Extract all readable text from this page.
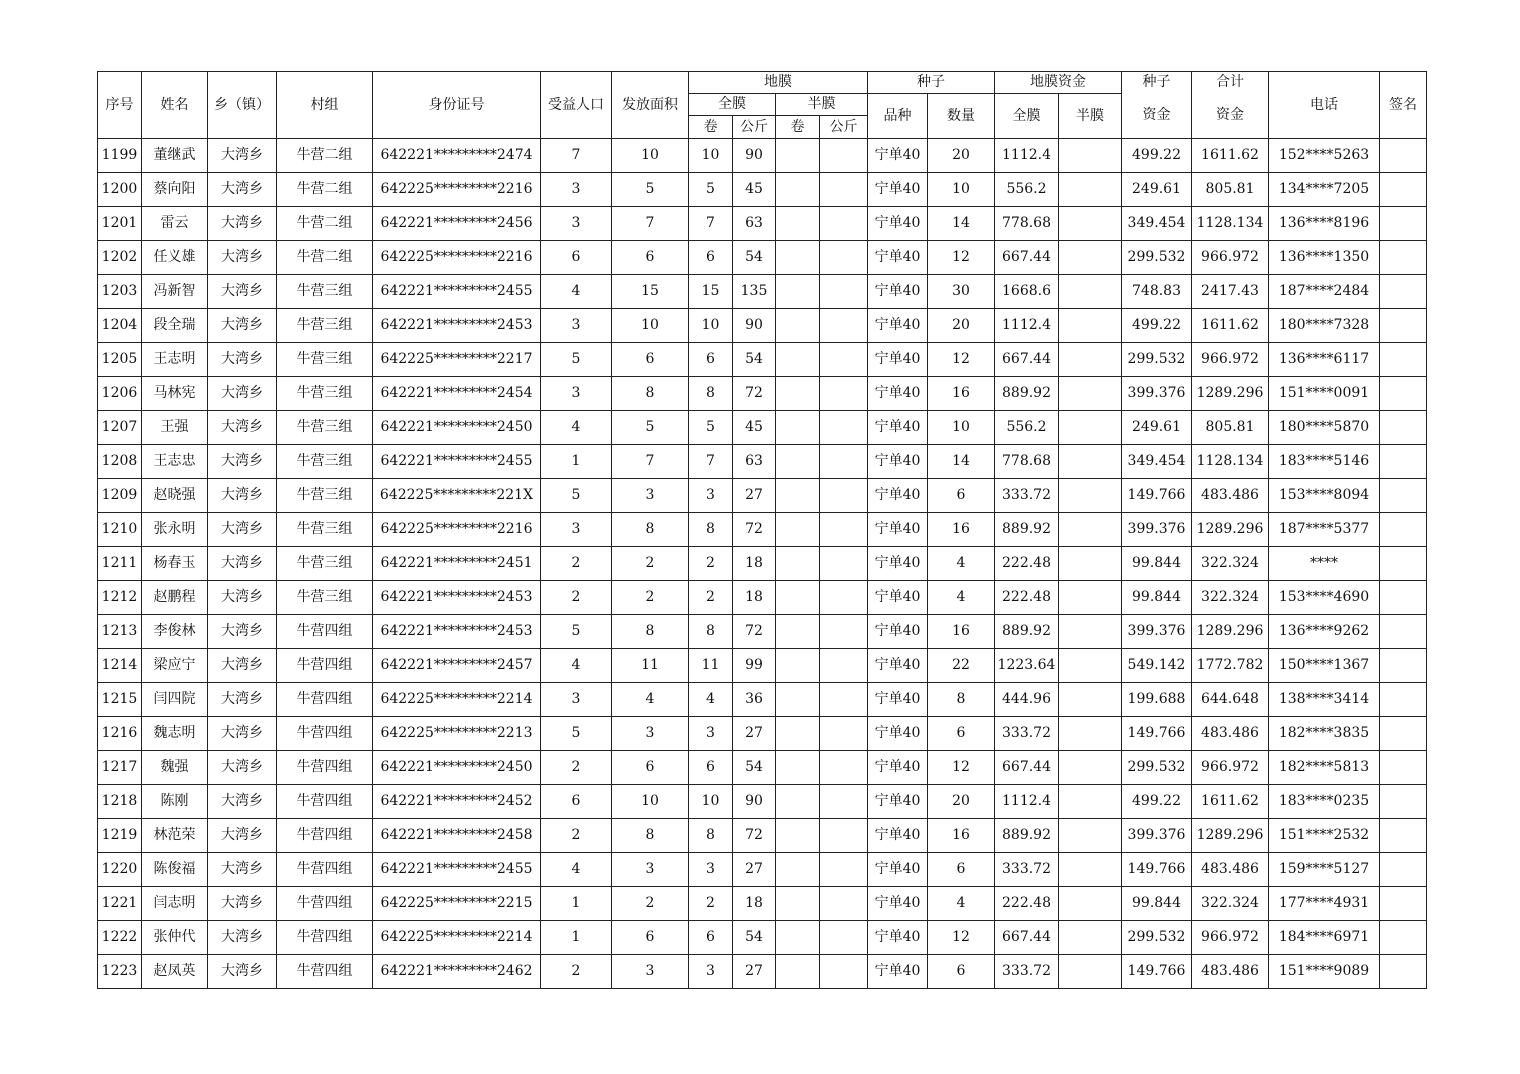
序号	姓名	乡（镇）	村组	身份证号	受益人口	发放面积	地膜				种子		地膜资金		种子	合计	电话	签名
							全膜		半膜		品种	数量	全膜	半膜	资金	资金		
							卷	公斤	卷	公斤								
1199	董继武	大湾乡	牛营二组	642221*********2474	7	10	10	90			宁单40	20	1112.4		499.22	1611.62	152****5263	
1200	蔡向阳	大湾乡	牛营二组	642225*********2216	3	5	5	45			宁单40	10	556.2		249.61	805.81	134****7205	
1201	雷云	大湾乡	牛营二组	642221*********2456	3	7	7	63			宁单40	14	778.68		349.454	1128.134	136****8196	
1202	任义雄	大湾乡	牛营二组	642225*********2216	6	6	6	54			宁单40	12	667.44		299.532	966.972	136****1350	
1203	冯新智	大湾乡	牛营三组	642221*********2455	4	15	15	135			宁单40	30	1668.6		748.83	2417.43	187****2484	
1204	段全瑞	大湾乡	牛营三组	642221*********2453	3	10	10	90			宁单40	20	1112.4		499.22	1611.62	180****7328	
1205	王志明	大湾乡	牛营三组	642225*********2217	5	6	6	54			宁单40	12	667.44		299.532	966.972	136****6117	
1206	马林宪	大湾乡	牛营三组	642221*********2454	3	8	8	72			宁单40	16	889.92		399.376	1289.296	151****0091	
1207	王强	大湾乡	牛营三组	642221*********2450	4	5	5	45			宁单40	10	556.2		249.61	805.81	180****5870	
1208	王志忠	大湾乡	牛营三组	642221*********2455	1	7	7	63			宁单40	14	778.68		349.454	1128.134	183****5146	
1209	赵晓强	大湾乡	牛营三组	642225*********221X	5	3	3	27			宁单40	6	333.72		149.766	483.486	153****8094	
1210	张永明	大湾乡	牛营三组	642225*********2216	3	8	8	72			宁单40	16	889.92		399.376	1289.296	187****5377	
1211	杨春玉	大湾乡	牛营三组	642221*********2451	2	2	2	18			宁单40	4	222.48		99.844	322.324	****	
1212	赵鹏程	大湾乡	牛营三组	642221*********2453	2	2	2	18			宁单40	4	222.48		99.844	322.324	153****4690	
1213	李俊林	大湾乡	牛营四组	642221*********2453	5	8	8	72			宁单40	16	889.92		399.376	1289.296	136****9262	
1214	梁应宁	大湾乡	牛营四组	642221*********2457	4	11	11	99			宁单40	22	1223.64		549.142	1772.782	150****1367	
1215	闫四院	大湾乡	牛营四组	642225*********2214	3	4	4	36			宁单40	8	444.96		199.688	644.648	138****3414	
1216	魏志明	大湾乡	牛营四组	642225*********2213	5	3	3	27			宁单40	6	333.72		149.766	483.486	182****3835	
1217	魏强	大湾乡	牛营四组	642221*********2450	2	6	6	54			宁单40	12	667.44		299.532	966.972	182****5813	
1218	陈刚	大湾乡	牛营四组	642221*********2452	6	10	10	90			宁单40	20	1112.4		499.22	1611.62	183****0235	
1219	林范荣	大湾乡	牛营四组	642221*********2458	2	8	8	72			宁单40	16	889.92		399.376	1289.296	151****2532	
1220	陈俊福	大湾乡	牛营四组	642221*********2455	4	3	3	27			宁单40	6	333.72		149.766	483.486	159****5127	
1221	闫志明	大湾乡	牛营四组	642225*********2215	1	2	2	18			宁单40	4	222.48		99.844	322.324	177****4931	
1222	张仲代	大湾乡	牛营四组	642225*********2214	1	6	6	54			宁单40	12	667.44		299.532	966.972	184****6971	
1223	赵凤英	大湾乡	牛营四组	642221*********2462	2	3	3	27			宁单40	6	333.72		149.766	483.486	151****9089	
